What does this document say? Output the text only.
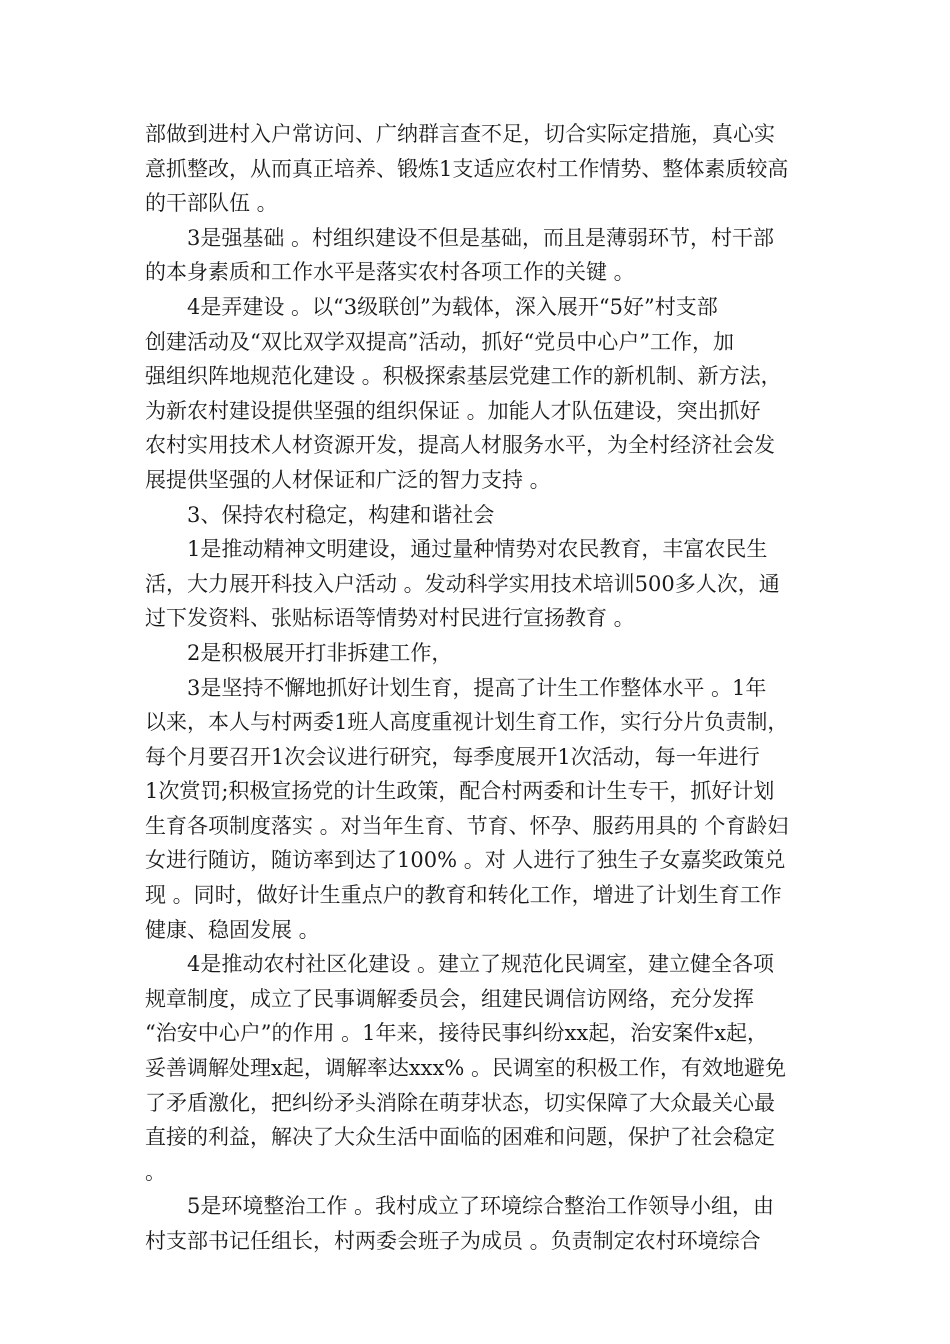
部做到进村入户常访问、广纳群言查不足，切合实际定措施，真心实
意抓整改，从而真正培养、锻炼1支适应农村工作情势、整体素质较高
的干部队伍 。
3是强基础 。村组织建设不但是基础，而且是薄弱环节，村干部
的本身素质和工作水平是落实农村各项工作的关键 。
4是弄建设 。以“3级联创”为载体，深入展开“5好”村支部
创建活动及“双比双学双提高”活动，抓好“党员中心户”工作，加
强组织阵地规范化建设 。积极探索基层党建工作的新机制、新方法，
为新农村建设提供坚强的组织保证 。加能人才队伍建设，突出抓好
农村实用技术人材资源开发，提高人材服务水平，为全村经济社会发
展提供坚强的人材保证和广泛的智力支持 。
3、保持农村稳定，构建和谐社会
1是推动精神文明建设，通过量种情势对农民教育，丰富农民生
活，大力展开科技入户活动 。发动科学实用技术培训500多人次，通
过下发资料、张贴标语等情势对村民进行宣扬教育 。
2是积极展开打非拆建工作，
3是坚持不懈地抓好计划生育，提高了计生工作整体水平 。1年
以来，本人与村两委1班人高度重视计划生育工作，实行分片负责制，
每个月要召开1次会议进行研究，每季度展开1次活动，每一年进行
1次赏罚;积极宣扬党的计生政策，配合村两委和计生专干，抓好计划
生育各项制度落实 。对当年生育、节育、怀孕、服药用具的 个育龄妇
女进行随访，随访率到达了100% 。对 人进行了独生子女嘉奖政策兑
现 。同时，做好计生重点户的教育和转化工作，增进了计划生育工作
健康、稳固发展 。
4是推动农村社区化建设 。建立了规范化民调室，建立健全各项
规章制度，成立了民事调解委员会，组建民调信访网络，充分发挥
“治安中心户”的作用 。1年来，接待民事纠纷xx起，治安案件x起，
妥善调解处理x起，调解率达xxx% 。民调室的积极工作，有效地避免
了矛盾激化，把纠纷矛头消除在萌芽状态，切实保障了大众最关心最
直接的利益，解决了大众生活中面临的困难和问题，保护了社会稳定
。
5是环境整治工作 。我村成立了环境综合整治工作领导小组，由
村支部书记任组长，村两委会班子为成员 。负责制定农村环境综合
